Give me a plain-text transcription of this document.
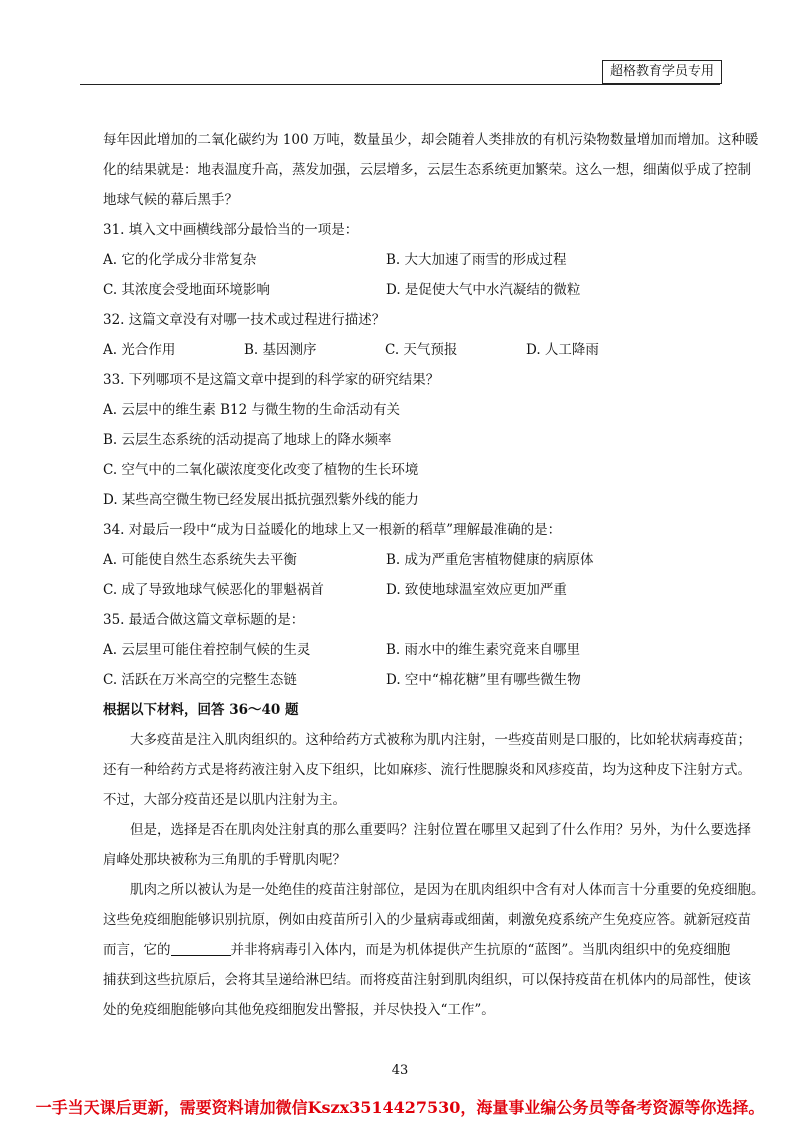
超格教育学员专用
每年因此增加的二氧化碳约为 100 万吨，数量虽少，却会随着人类排放的有机污染物数量增加而增加。这种暖
化的结果就是：地表温度升高，蒸发加强，云层增多，云层生态系统更加繁荣。这么一想，细菌似乎成了控制
地球气候的幕后黑手？
31. 填入文中画横线部分最恰当的一项是：
A. 它的化学成分非常复杂	B. 大大加速了雨雪的形成过程
C. 其浓度会受地面环境影响	D. 是促使大气中水汽凝结的微粒
32. 这篇文章没有对哪一技术或过程进行描述？
A. 光合作用	B. 基因测序	C. 天气预报	D. 人工降雨
33. 下列哪项不是这篇文章中提到的科学家的研究结果？
A. 云层中的维生素 B12 与微生物的生命活动有关
B. 云层生态系统的活动提高了地球上的降水频率
C. 空气中的二氧化碳浓度变化改变了植物的生长环境
D. 某些高空微生物已经发展出抵抗强烈紫外线的能力
34. 对最后一段中“成为日益暖化的地球上又一根新的稻草”理解最准确的是：
A. 可能使自然生态系统失去平衡	B. 成为严重危害植物健康的病原体
C. 成了导致地球气候恶化的罪魁祸首	D. 致使地球温室效应更加严重
35. 最适合做这篇文章标题的是：
A. 云层里可能住着控制气候的生灵	B. 雨水中的维生素究竟来自哪里
C. 活跃在万米高空的完整生态链	D. 空中“棉花糖”里有哪些微生物
根据以下材料，回答 36～40 题
大多疫苗是注入肌肉组织的。这种给药方式被称为肌内注射，一些疫苗则是口服的，比如轮状病毒疫苗；
还有一种给药方式是将药液注射入皮下组织，比如麻疹、流行性腮腺炎和风疹疫苗，均为这种皮下注射方式。
不过，大部分疫苗还是以肌内注射为主。
但是，选择是否在肌肉处注射真的那么重要吗？注射位置在哪里又起到了什么作用？另外，为什么要选择
肩峰处那块被称为三角肌的手臂肌肉呢？
肌肉之所以被认为是一处绝佳的疫苗注射部位，是因为在肌肉组织中含有对人体而言十分重要的免疫细胞。
这些免疫细胞能够识别抗原，例如由疫苗所引入的少量病毒或细菌，刺激免疫系统产生免疫应答。就新冠疫苗
而言，它的	并非将病毒引入体内，而是为机体提供产生抗原的“蓝图”。当肌肉组织中的免疫细胞
捕获到这些抗原后，会将其呈递给淋巴结。而将疫苗注射到肌肉组织，可以保持疫苗在机体内的局部性，使该
处的免疫细胞能够向其他免疫细胞发出警报，并尽快投入“工作”。
43
一手当天课后更新，需要资料请加微信Kszx3514427530，海量事业编公务员等备考资源等你选择。
